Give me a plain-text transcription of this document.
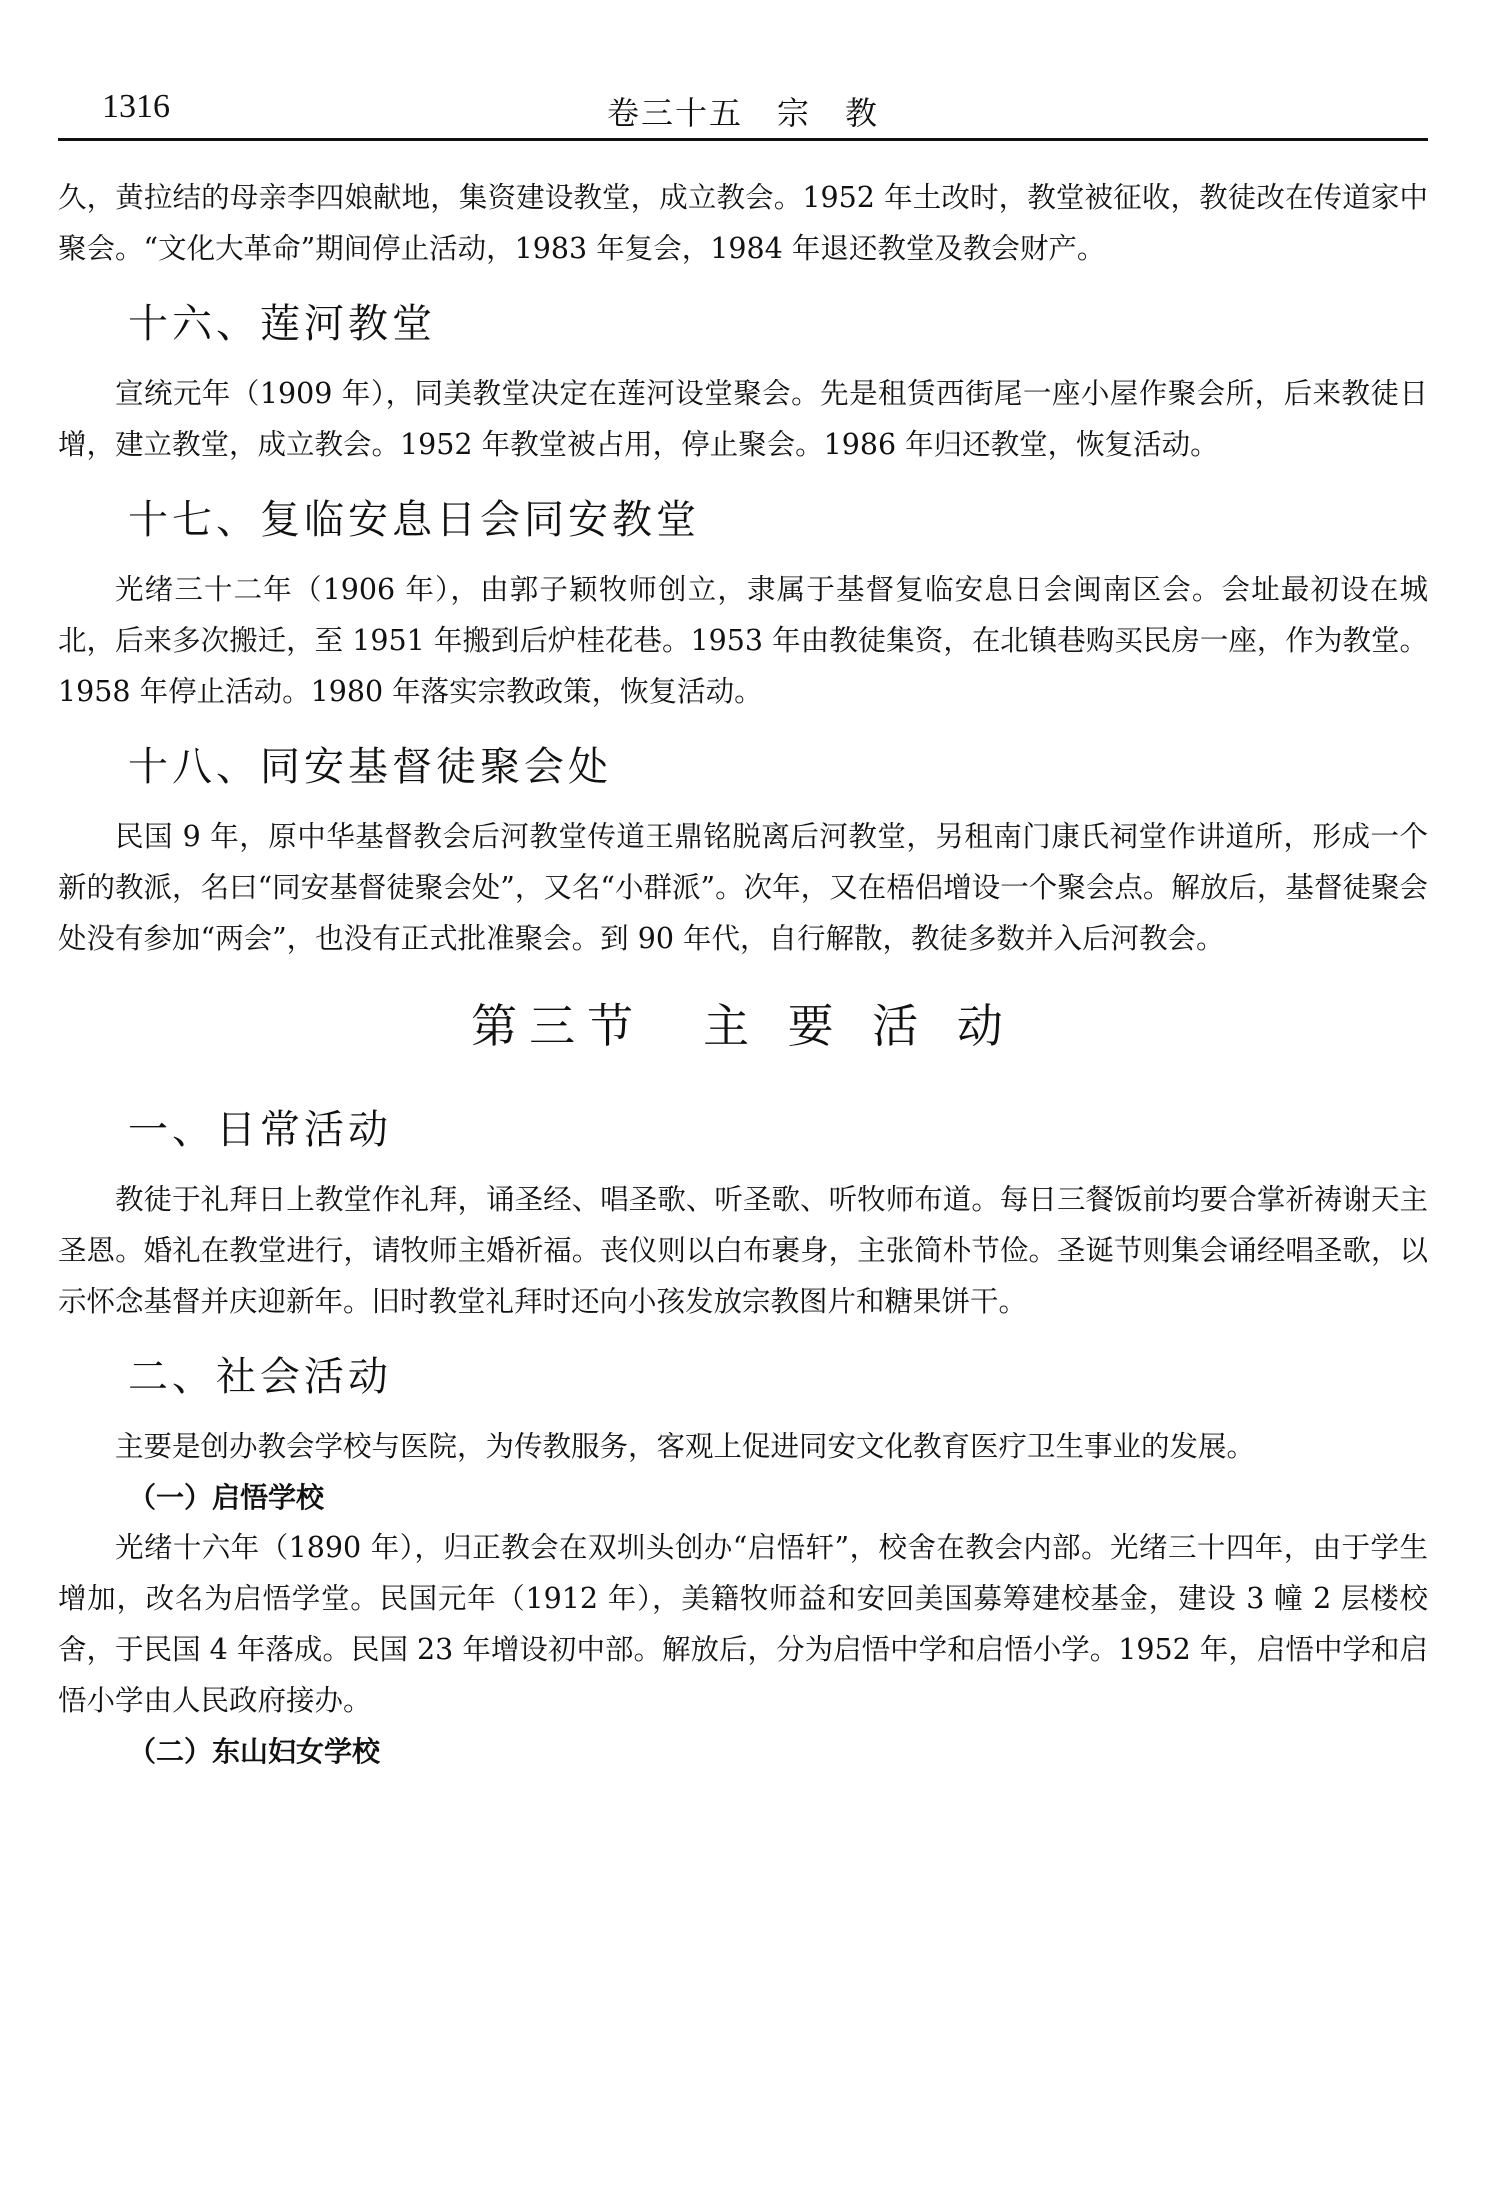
1316	卷三十五　宗　教

久，黄拉结的母亲李四娘献地，集资建设教堂，成立教会。1952 年土改时，教堂被征收，教徒改在传道家中聚会。“文化大革命”期间停止活动，1983 年复会，1984 年退还教堂及教会财产。

十六、莲河教堂

宣统元年（1909 年），同美教堂决定在莲河设堂聚会。先是租赁西街尾一座小屋作聚会所，后来教徒日增，建立教堂，成立教会。1952 年教堂被占用，停止聚会。1986 年归还教堂，恢复活动。

十七、复临安息日会同安教堂

光绪三十二年（1906 年），由郭子颖牧师创立，隶属于基督复临安息日会闽南区会。会址最初设在城北，后来多次搬迁，至 1951 年搬到后炉桂花巷。1953 年由教徒集资，在北镇巷购买民房一座，作为教堂。1958 年停止活动。1980 年落实宗教政策，恢复活动。

十八、同安基督徒聚会处

民国 9 年，原中华基督教会后河教堂传道王鼎铭脱离后河教堂，另租南门康氏祠堂作讲道所，形成一个新的教派，名曰“同安基督徒聚会处”，又名“小群派”。次年，又在梧侣增设一个聚会点。解放后，基督徒聚会处没有参加“两会”，也没有正式批准聚会。到 90 年代，自行解散，教徒多数并入后河教会。

第三节　主 要 活 动
一、日常活动

教徒于礼拜日上教堂作礼拜，诵圣经、唱圣歌、听圣歌、听牧师布道。每日三餐饭前均要合掌祈祷谢天主圣恩。婚礼在教堂进行，请牧师主婚祈福。丧仪则以白布裹身，主张简朴节俭。圣诞节则集会诵经唱圣歌，以示怀念基督并庆迎新年。旧时教堂礼拜时还向小孩发放宗教图片和糖果饼干。

二、社会活动

主要是创办教会学校与医院，为传教服务，客观上促进同安文化教育医疗卫生事业的发展。

（一）启悟学校

光绪十六年（1890 年），归正教会在双圳头创办“启悟轩”，校舍在教会内部。光绪三十四年，由于学生增加，改名为启悟学堂。民国元年（1912 年），美籍牧师益和安回美国募筹建校基金，建设 3 幢 2 层楼校舍，于民国 4 年落成。民国 23 年增设初中部。解放后，分为启悟中学和启悟小学。1952 年，启悟中学和启悟小学由人民政府接办。

（二）东山妇女学校
